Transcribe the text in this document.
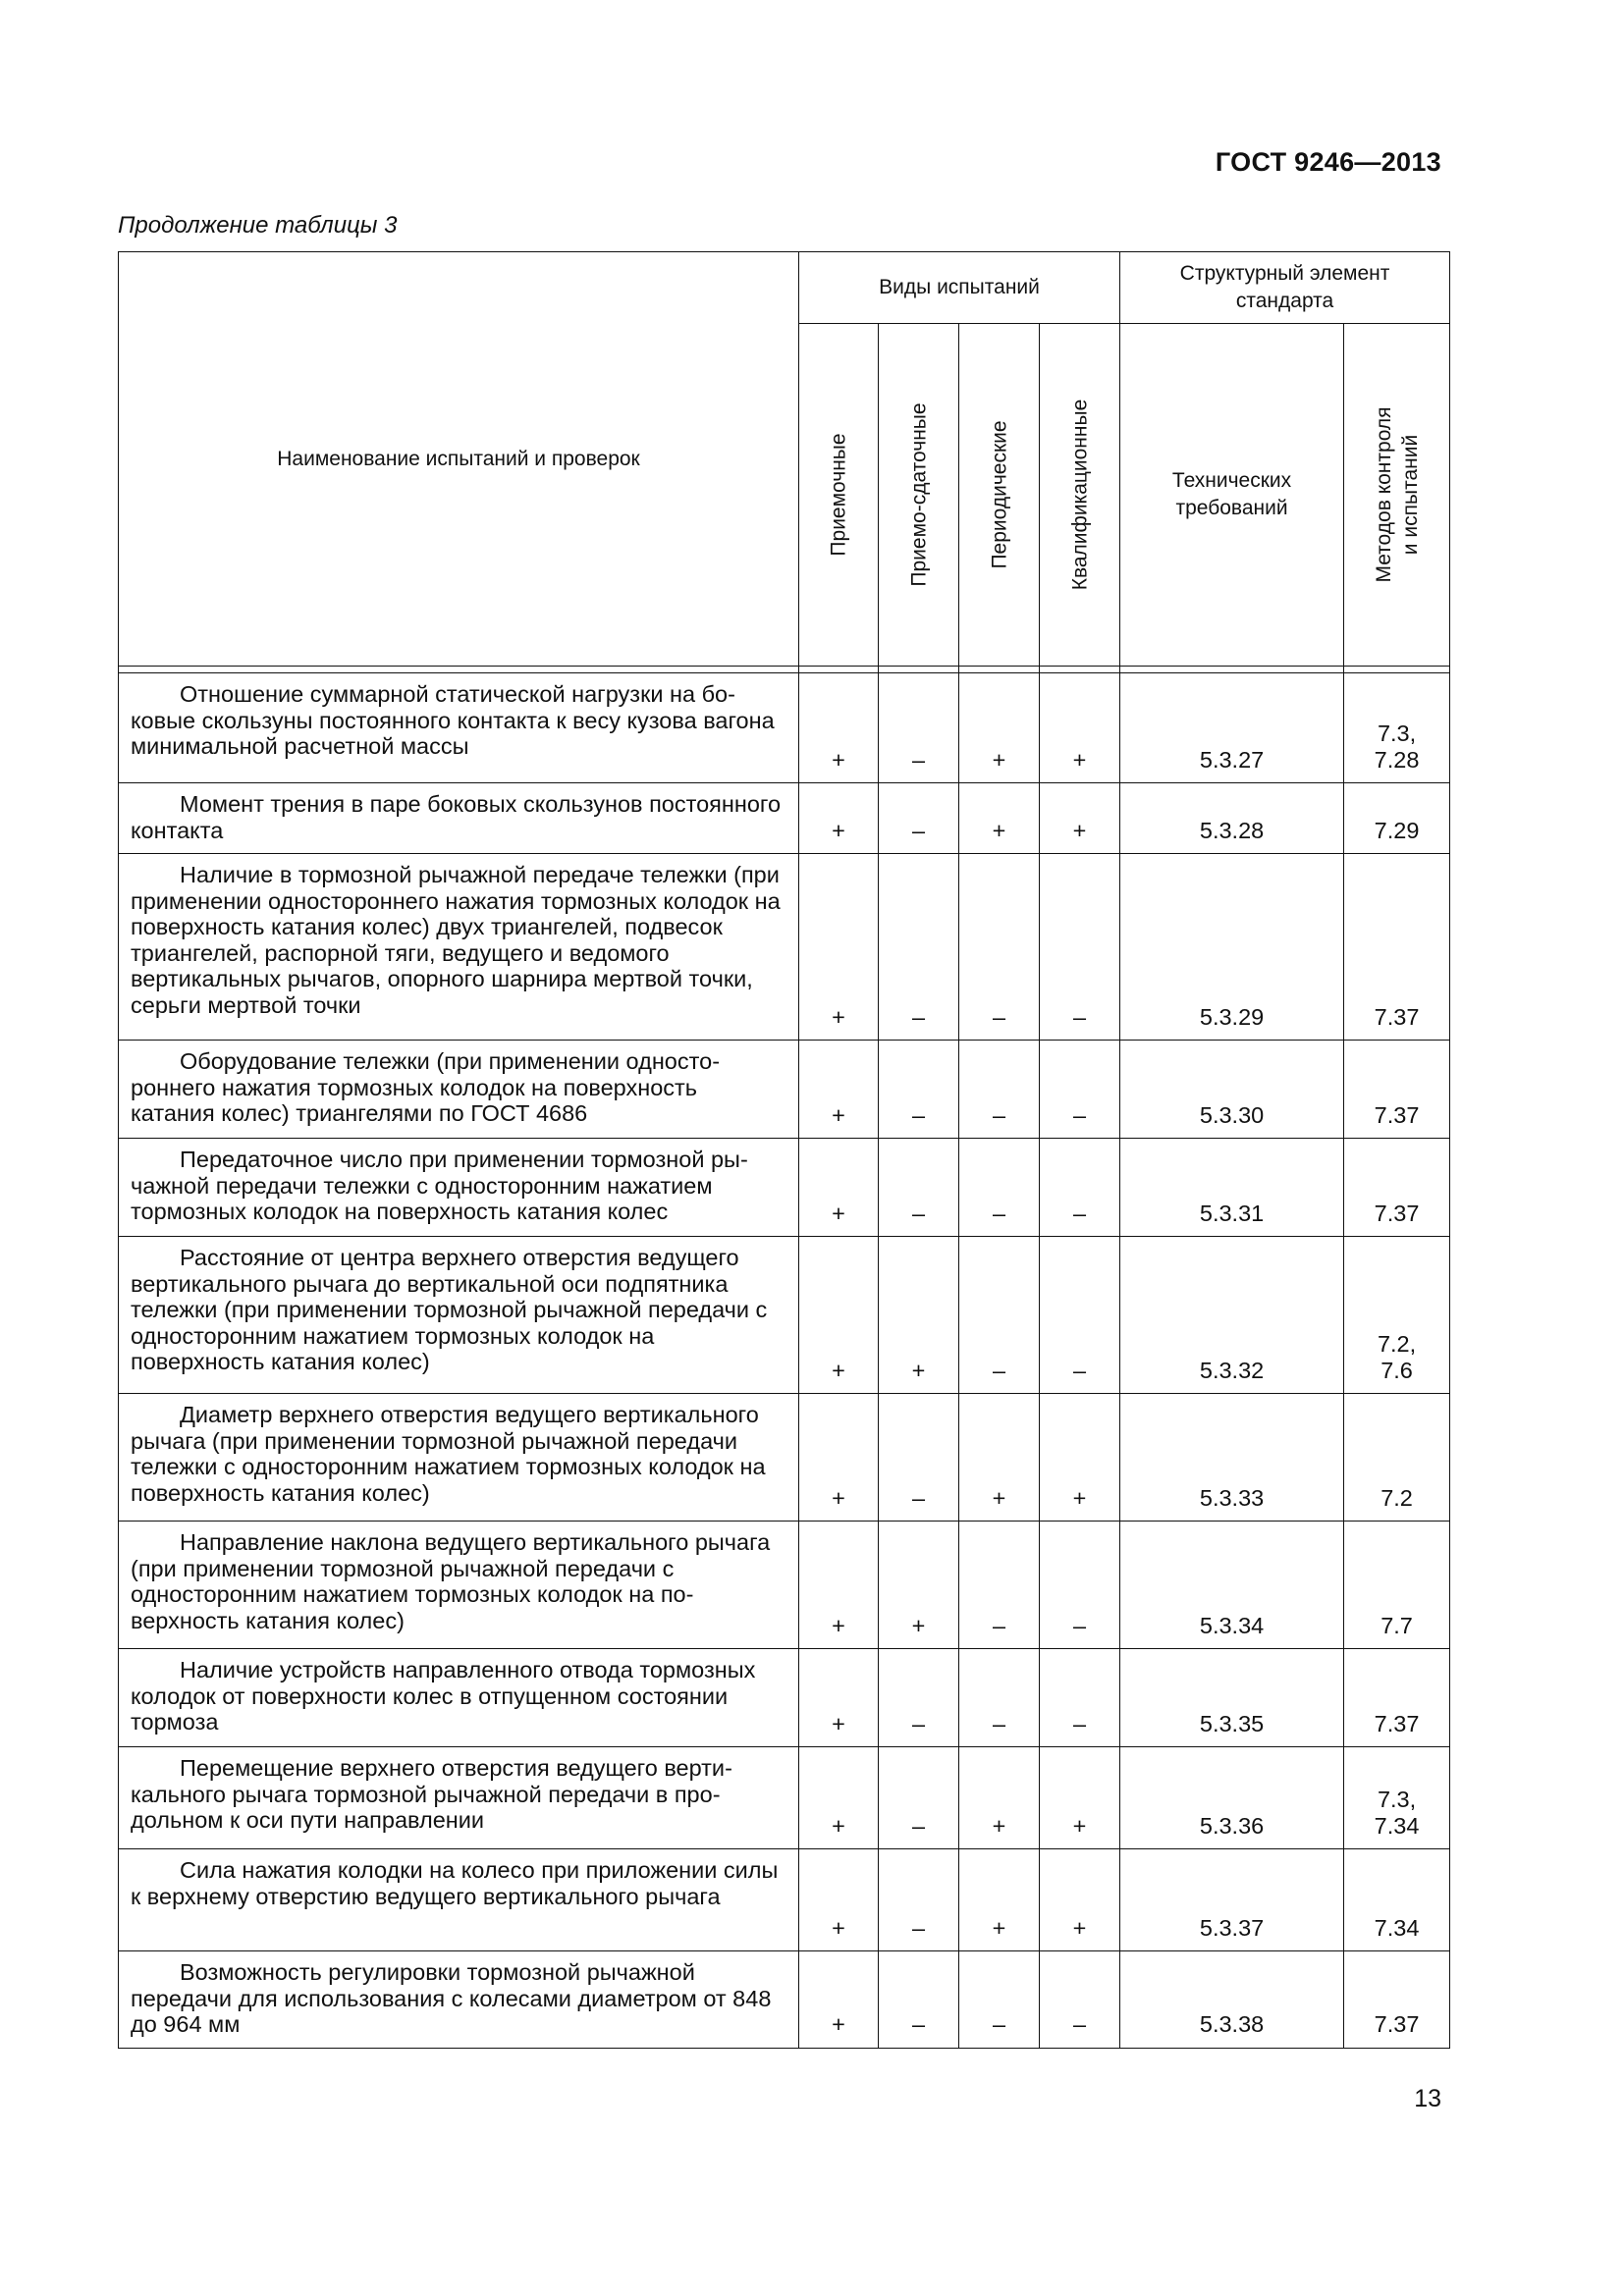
ГОСТ 9246—2013
Продолжение таблицы 3
Наименование испытаний и проверок	Виды испытаний				Структурный элемент стандарта	

	Приемочные	Приемо-сдаточные	Периодические	Квалификационные	Технических требований	Методов контроля и испытаний

Отношение суммарной статической нагрузки на боковые скользуны постоянного контакта к весу кузова вагона минимальной расчетной массы	+	–	+	+	5.3.27	7.3,
7.28

Момент трения в паре боковых скользунов постоянного контакта	+	–	+	+	5.3.28	7.29

Наличие в тормозной рычажной передаче тележки (при применении одностороннего нажатия тормозных колодок на поверхность катания колес) двух триангелей, подвесок триангелей, распорной тяги, ведущего и ведомого вертикальных рычагов, опорного шарнира мертвой точки, серьги мертвой точки	+	–	–	–	5.3.29	7.37

Оборудование тележки (при применении одностороннего нажатия тормозных колодок на поверхность катания колес) триангелями по ГОСТ 4686	+	–	–	–	5.3.30	7.37

Передаточное число при применении тормозной рычажной передачи тележки с односторонним нажатием тормозных колодок на поверхность катания колес	+	–	–	–	5.3.31	7.37

Расстояние от центра верхнего отверстия ведущего вертикального рычага до вертикальной оси подпятника тележки (при применении тормозной рычажной передачи с односторонним нажатием тормозных колодок на поверхность катания колес)	+	+	–	–	5.3.32	7.2,
7.6

Диаметр верхнего отверстия ведущего вертикального рычага (при применении тормозной рычажной передачи тележки с односторонним нажатием тормозных колодок на поверхность катания колес)	+	–	+	+	5.3.33	7.2

Направление наклона ведущего вертикального рычага (при применении тормозной рычажной передачи с односторонним нажатием тормозных колодок на поверхность катания колес)	+	+	–	–	5.3.34	7.7

Наличие устройств направленного отвода тормозных колодок от поверхности колес в отпущенном состоянии тормоза	+	–	–	–	5.3.35	7.37

Перемещение верхнего отверстия ведущего вертикального рычага тормозной рычажной передачи в продольном к оси пути направлении	+	–	+	+	5.3.36	7.3,
7.34

Сила нажатия колодки на колесо при приложении силы к верхнему отверстию ведущего вертикального рычага	+	–	+	+	5.3.37	7.34

Возможность регулировки тормозной рычажной передачи для использования с колесами диаметром от 848 до 964 мм	+	–	–	–	5.3.38	7.37
13
